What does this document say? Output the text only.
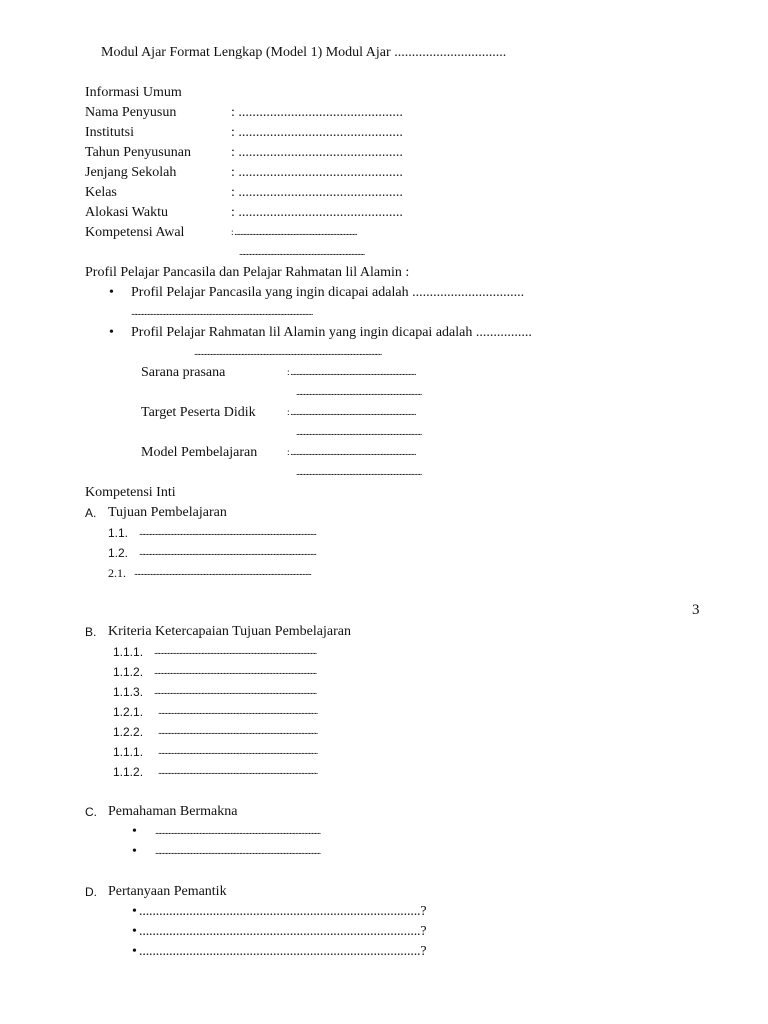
Modul Ajar Format Lengkap (Model 1) Modul Ajar ................................
Informasi Umum
Nama Penyusun	: ...............................................
Institutsi	: ...............................................
Tahun Penyusunan	: ...............................................
Jenjang Sekolah	: ...............................................
Kelas	: ...............................................
Alokasi Waktu	: ...............................................
Kompetensi Awal	: ...................................................................................
.....................................................................................
Profil Pelajar Pancasila dan Pelajar Rahmatan lil Alamin :
• Profil Pelajar Pancasila yang ingin dicapai adalah ................................
...........................................................................................................................
• Profil Pelajar Rahmatan lil Alamin yang ingin dicapai adalah ................
...............................................................................................................................
Sarana prasana	: .....................................................................................
.....................................................................................
Target Peserta Didik	: .....................................................................................
.....................................................................................
Model Pembelajaran	: .....................................................................................
.....................................................................................
Kompetensi Inti
A. Tujuan Pembelajaran
1.1. ........................................................................................................................
1.2. ........................................................................................................................
2.1. ........................................................................................................................
3
B. Kriteria Ketercapaian Tujuan Pembelajaran
1.1.1. ..............................................................................................................
1.1.2. ..............................................................................................................
1.1.3. ..............................................................................................................
1.2.1. ............................................................................................................
1.2.2. ............................................................................................................
1.1.1. ............................................................................................................
1.1.2. ............................................................................................................
C. Pemahaman Bermakna
• ................................................................................................................
• ................................................................................................................
D. Pertanyaan Pemantik
• ....................................................................................?
• ....................................................................................?
• ....................................................................................?
